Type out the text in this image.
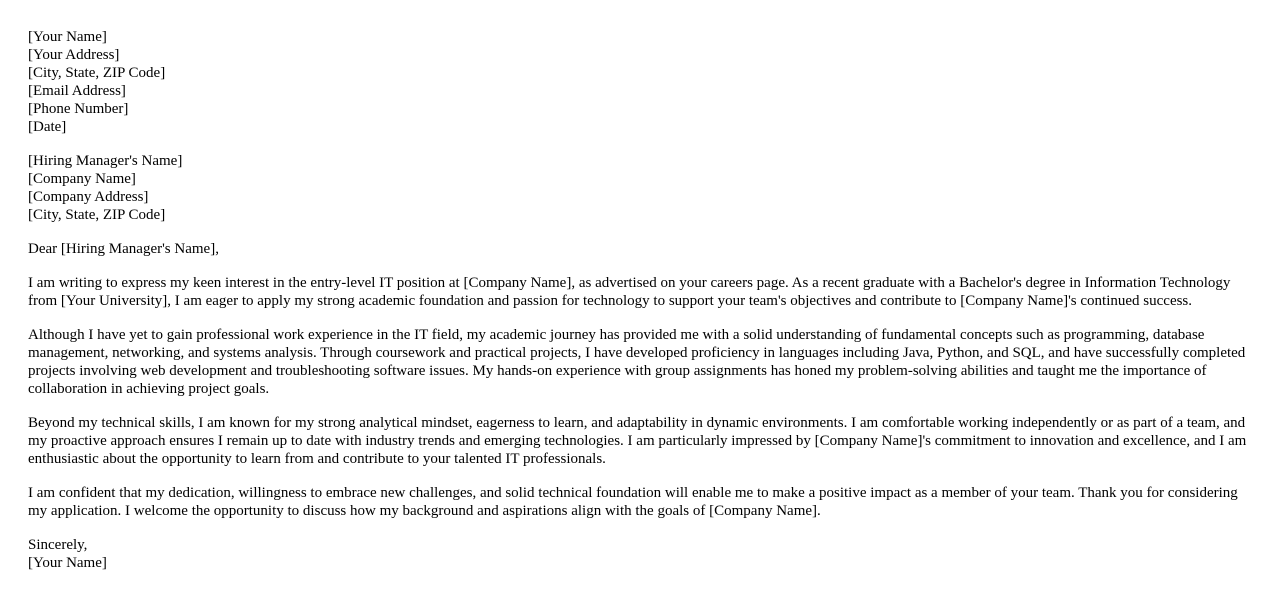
[Your Name]
[Your Address]
[City, State, ZIP Code]
[Email Address]
[Phone Number]
[Date]
[Hiring Manager's Name]
[Company Name]
[Company Address]
[City, State, ZIP Code]

Dear [Hiring Manager's Name],

I am writing to express my keen interest in the entry-level IT position at [Company Name], as advertised on your careers page. As a recent graduate with a Bachelor's degree in Information Technology from [Your University], I am eager to apply my strong academic foundation and passion for technology to support your team's objectives and contribute to [Company Name]'s continued success.

Although I have yet to gain professional work experience in the IT field, my academic journey has provided me with a solid understanding of fundamental concepts such as programming, database management, networking, and systems analysis. Through coursework and practical projects, I have developed proficiency in languages including Java, Python, and SQL, and have successfully completed projects involving web development and troubleshooting software issues. My hands-on experience with group assignments has honed my problem-solving abilities and taught me the importance of collaboration in achieving project goals.

Beyond my technical skills, I am known for my strong analytical mindset, eagerness to learn, and adaptability in dynamic environments. I am comfortable working independently or as part of a team, and my proactive approach ensures I remain up to date with industry trends and emerging technologies. I am particularly impressed by [Company Name]'s commitment to innovation and excellence, and I am enthusiastic about the opportunity to learn from and contribute to your talented IT professionals.

I am confident that my dedication, willingness to embrace new challenges, and solid technical foundation will enable me to make a positive impact as a member of your team. Thank you for considering my application. I welcome the opportunity to discuss how my background and aspirations align with the goals of [Company Name].

Sincerely,
[Your Name]
